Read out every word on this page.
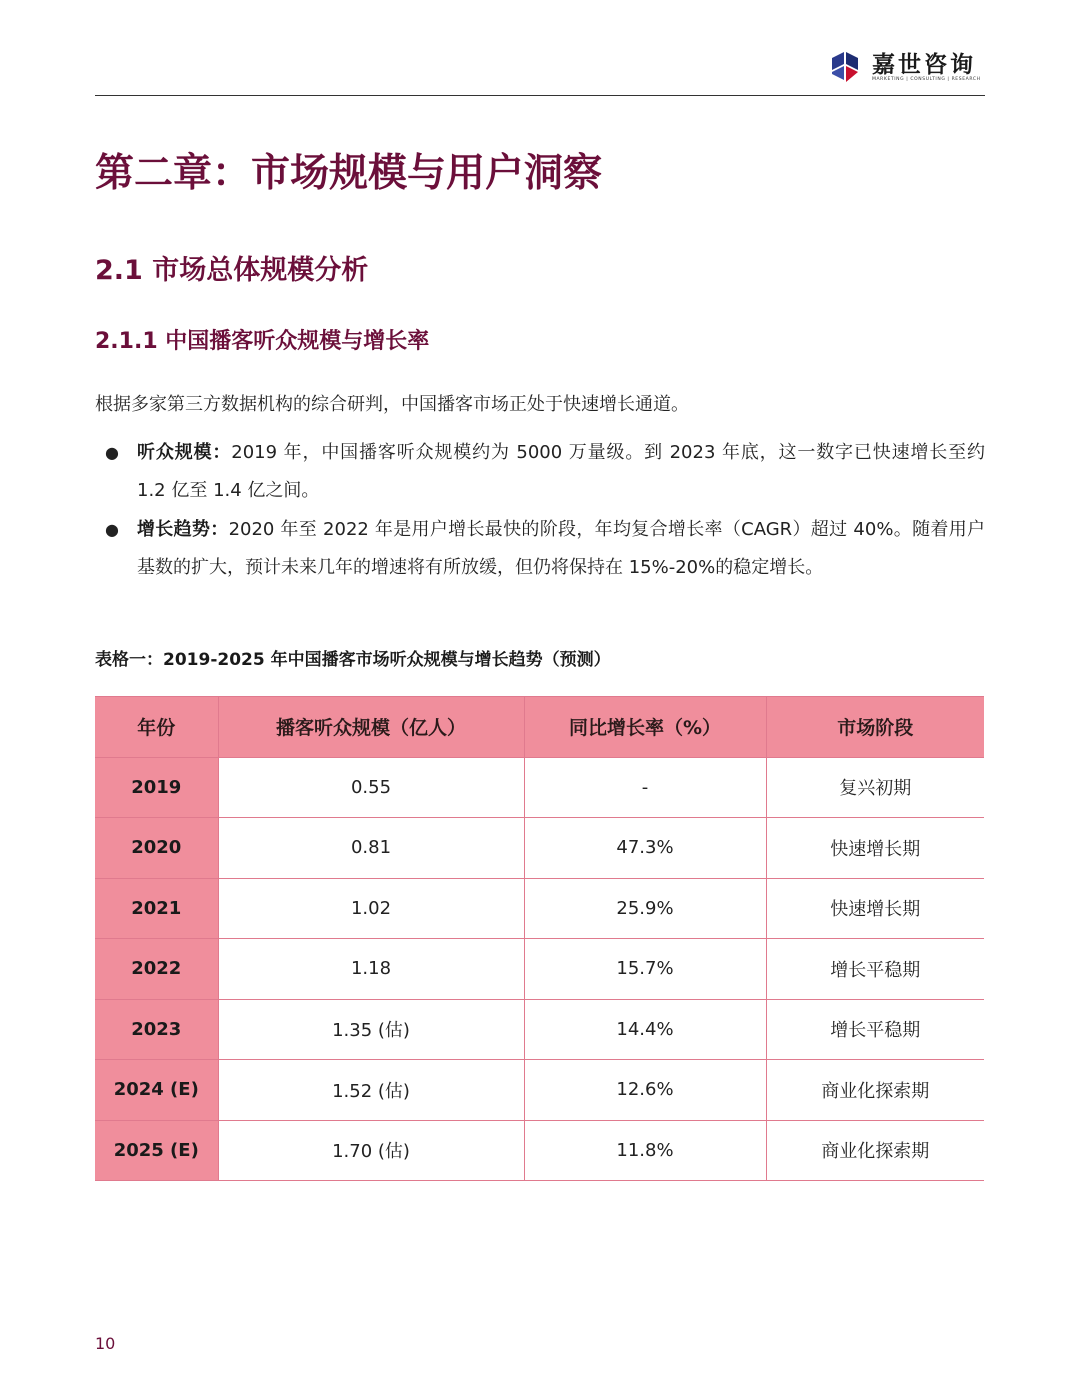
嘉世咨询
MARKETING | CONSULTING | RESEARCH
第二章：市场规模与用户洞察
2.1 市场总体规模分析
2.1.1 中国播客听众规模与增长率
根据多家第三方数据机构的综合研判，中国播客市场正处于快速增长通道。
● 听众规模：2019 年，中国播客听众规模约为 5000 万量级。到 2023 年底，这一数字已快速增长至约 1.2 亿至 1.4 亿之间。
● 增长趋势：2020 年至 2022 年是用户增长最快的阶段，年均复合增长率（CAGR）超过 40%。随着用户基数的扩大，预计未来几年的增速将有所放缓，但仍将保持在 15%-20%的稳定增长。
表格一：2019-2025 年中国播客市场听众规模与增长趋势（预测）
年份	播客听众规模（亿人）	同比增长率（%）	市场阶段
2019	0.55	-	复兴初期
2020	0.81	47.3%	快速增长期
2021	1.02	25.9%	快速增长期
2022	1.18	15.7%	增长平稳期
2023	1.35 (估)	14.4%	增长平稳期
2024 (E)	1.52 (估)	12.6%	商业化探索期
2025 (E)	1.70 (估)	11.8%	商业化探索期
10
